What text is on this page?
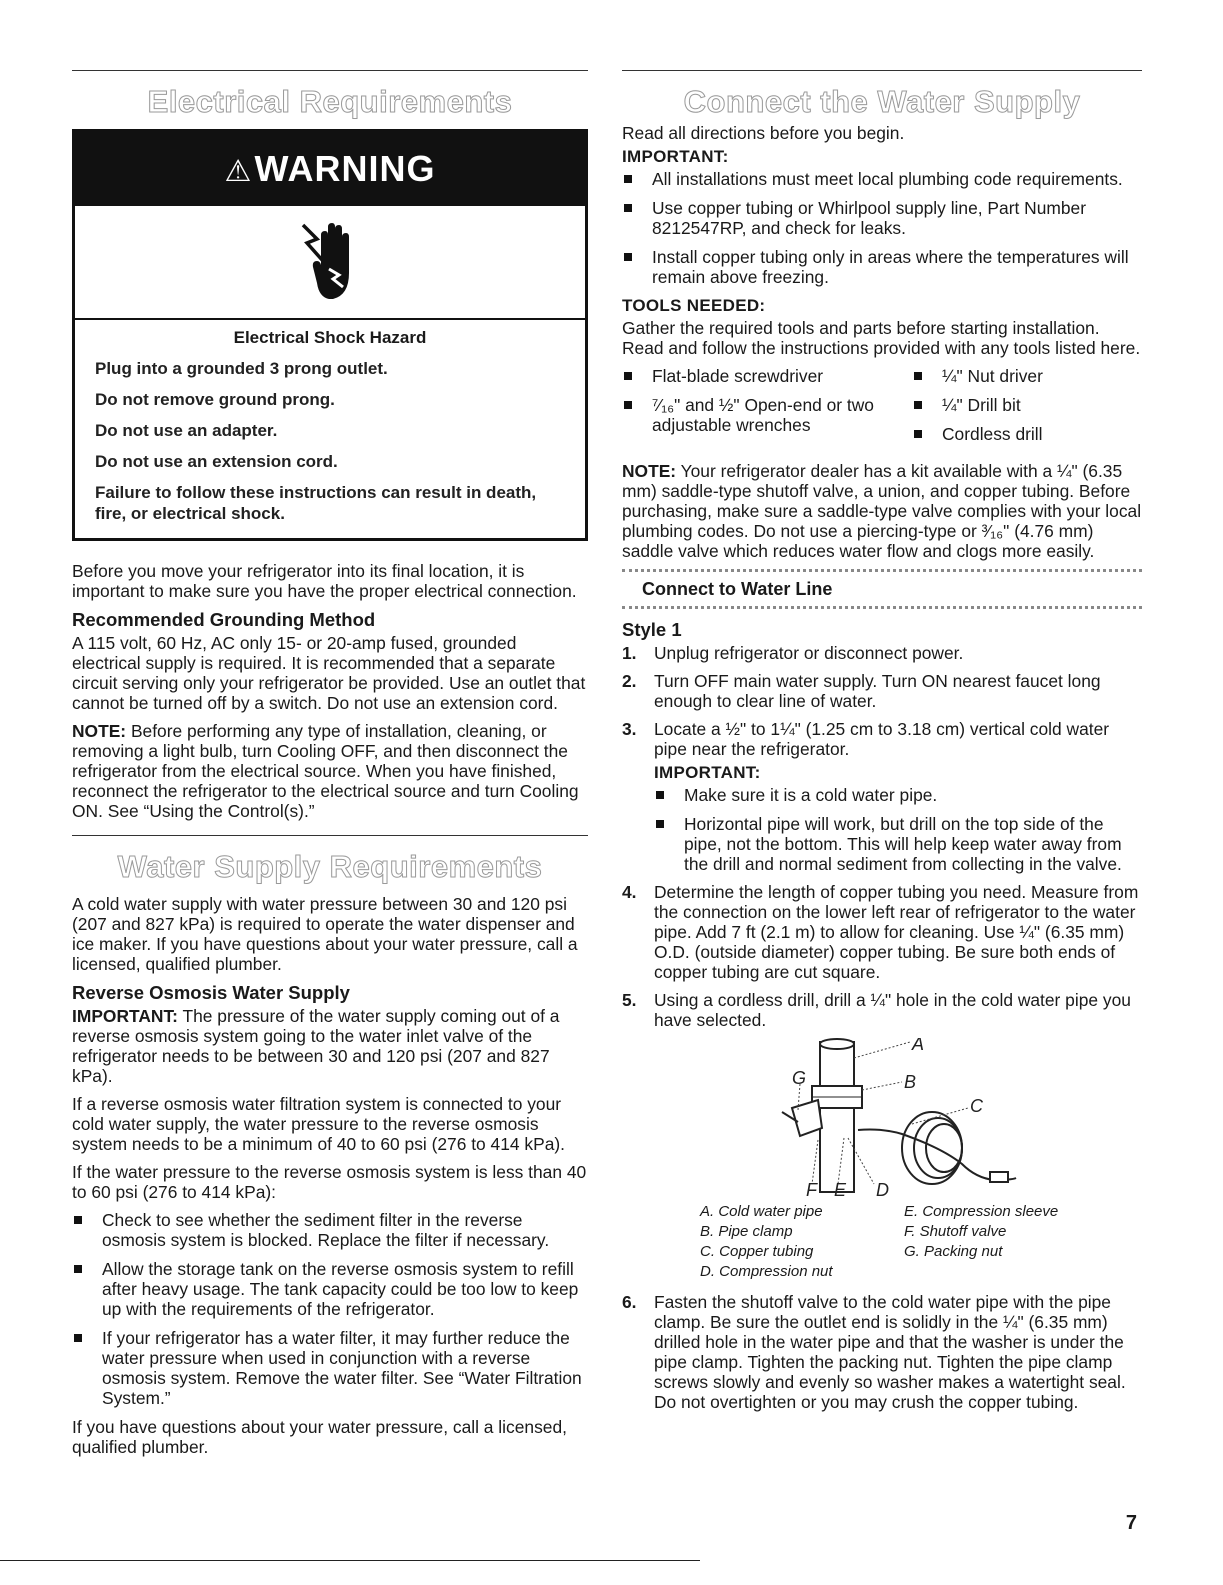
Electrical Requirements
⚠WARNING
Electrical Shock Hazard
Plug into a grounded 3 prong outlet.
Do not remove ground prong.
Do not use an adapter.
Do not use an extension cord.
Failure to follow these instructions can result in death, fire, or electrical shock.

Before you move your refrigerator into its final location, it is important to make sure you have the proper electrical connection.

Recommended Grounding Method

A 115 volt, 60 Hz, AC only 15- or 20-amp fused, grounded electrical supply is required. It is recommended that a separate circuit serving only your refrigerator be provided. Use an outlet that cannot be turned off by a switch. Do not use an extension cord.

NOTE: Before performing any type of installation, cleaning, or removing a light bulb, turn Cooling OFF, and then disconnect the refrigerator from the electrical source. When you have finished, reconnect the refrigerator to the electrical source and turn Cooling ON. See “Using the Control(s).”

Water Supply Requirements

A cold water supply with water pressure between 30 and 120 psi (207 and 827 kPa) is required to operate the water dispenser and ice maker. If you have questions about your water pressure, call a licensed, qualified plumber.

Reverse Osmosis Water Supply

IMPORTANT: The pressure of the water supply coming out of a reverse osmosis system going to the water inlet valve of the refrigerator needs to be between 30 and 120 psi (207 and 827 kPa).

If a reverse osmosis water filtration system is connected to your cold water supply, the water pressure to the reverse osmosis system needs to be a minimum of 40 to 60 psi (276 to 414 kPa).

If the water pressure to the reverse osmosis system is less than 40 to 60 psi (276 to 414 kPa):

Check to see whether the sediment filter in the reverse osmosis system is blocked. Replace the filter if necessary.
Allow the storage tank on the reverse osmosis system to refill after heavy usage. The tank capacity could be too low to keep up with the requirements of the refrigerator.
If your refrigerator has a water filter, it may further reduce the water pressure when used in conjunction with a reverse osmosis system. Remove the water filter. See “Water Filtration System.”

If you have questions about your water pressure, call a licensed, qualified plumber.

Connect the Water Supply

Read all directions before you begin.

IMPORTANT:
All installations must meet local plumbing code requirements.
Use copper tubing or Whirlpool supply line, Part Number 8212547RP, and check for leaks.
Install copper tubing only in areas where the temperatures will remain above freezing.
TOOLS NEEDED:

Gather the required tools and parts before starting installation. Read and follow the instructions provided with any tools listed here.

Flat-blade screwdriver
⁷⁄₁₆" and ½" Open-end or two adjustable wrenches
¼" Nut driver
¼" Drill bit
Cordless drill

NOTE: Your refrigerator dealer has a kit available with a ¼" (6.35 mm) saddle-type shutoff valve, a union, and copper tubing. Before purchasing, make sure a saddle-type valve complies with your local plumbing codes. Do not use a piercing-type or ³⁄₁₆" (4.76 mm) saddle valve which reduces water flow and clogs more easily.

Connect to Water Line
Style 1
1. Unplug refrigerator or disconnect power.
2. Turn OFF main water supply. Turn ON nearest faucet long enough to clear line of water.
3. Locate a ½" to 1¼" (1.25 cm to 3.18 cm) vertical cold water pipe near the refrigerator.
IMPORTANT:
Make sure it is a cold water pipe.
Horizontal pipe will work, but drill on the top side of the pipe, not the bottom. This will help keep water away from the drill and normal sediment from collecting in the valve.
4. Determine the length of copper tubing you need. Measure from the connection on the lower left rear of refrigerator to the water pipe. Add 7 ft (2.1 m) to allow for cleaning. Use ¼" (6.35 mm) O.D. (outside diameter) copper tubing. Be sure both ends of copper tubing are cut square.
5. Using a cordless drill, drill a ¼" hole in the cold water pipe you have selected.
A
B
C
D
E
F
G
A. Cold water pipe
B. Pipe clamp
C. Copper tubing
D. Compression nut
E. Compression sleeve
F. Shutoff valve
G. Packing nut
6. Fasten the shutoff valve to the cold water pipe with the pipe clamp. Be sure the outlet end is solidly in the ¼" (6.35 mm) drilled hole in the water pipe and that the washer is under the pipe clamp. Tighten the packing nut. Tighten the pipe clamp screws slowly and evenly so washer makes a watertight seal. Do not overtighten or you may crush the copper tubing.
7
